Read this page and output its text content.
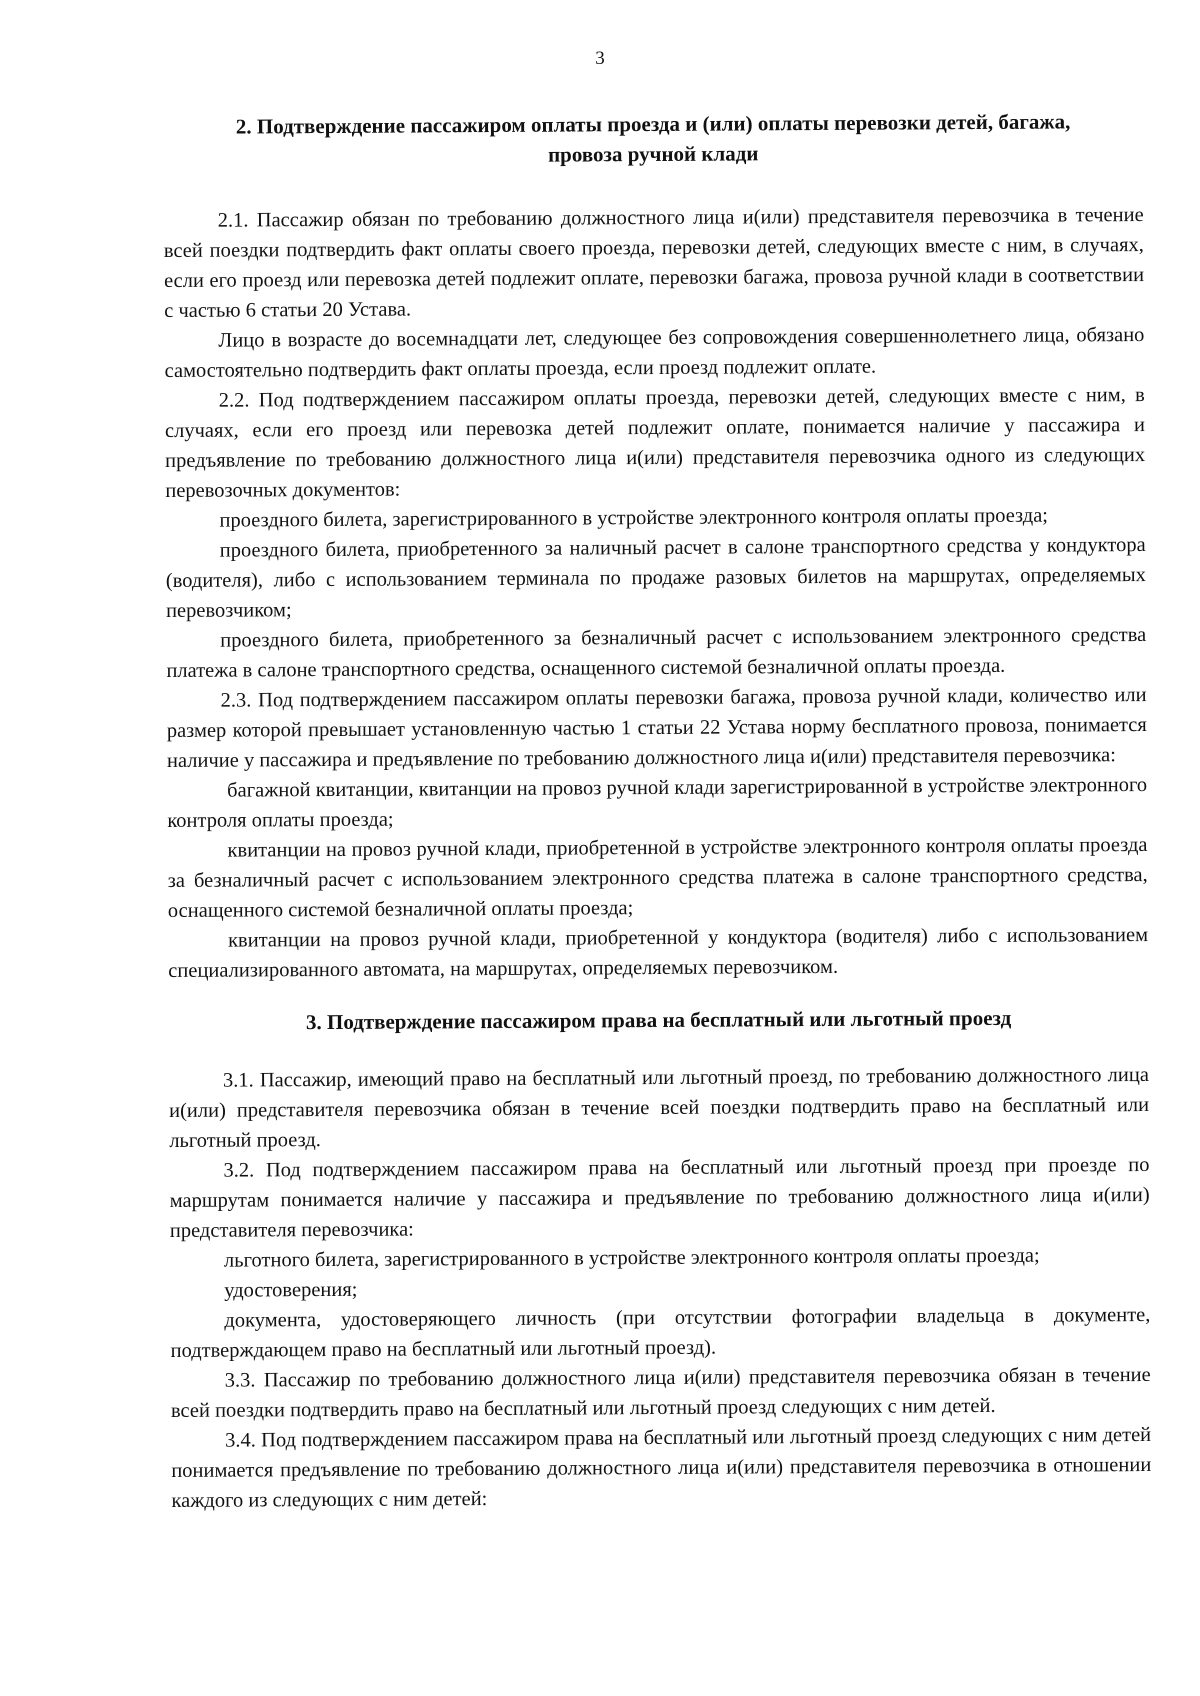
3
2. Подтверждение пассажиром оплаты проезда и (или) оплаты перевозки детей, багажа, провоза ручной клади

2.1. Пассажир обязан по требованию должностного лица и(или) представителя перевозчика в течение всей поездки подтвердить факт оплаты своего проезда, перевозки детей, следующих вместе с ним, в случаях, если его проезд или перевозка детей подлежит оплате, перевозки багажа, провоза ручной клади в соответствии с частью 6 статьи 20 Устава.

Лицо в возрасте до восемнадцати лет, следующее без сопровождения совершеннолетнего лица, обязано самостоятельно подтвердить факт оплаты проезда, если проезд подлежит оплате.

2.2. Под подтверждением пассажиром оплаты проезда, перевозки детей, следующих вместе с ним, в случаях, если его проезд или перевозка детей подлежит оплате, понимается наличие у пассажира и предъявление по требованию должностного лица и(или) представителя перевозчика одного из следующих перевозочных документов:

проездного билета, зарегистрированного в устройстве электронного контроля оплаты проезда;

проездного билета, приобретенного за наличный расчет в салоне транспортного средства у кондуктора (водителя), либо с использованием терминала по продаже разовых билетов на маршрутах, определяемых перевозчиком;

проездного билета, приобретенного за безналичный расчет с использованием электронного средства платежа в салоне транспортного средства, оснащенного системой безналичной оплаты проезда.

2.3. Под подтверждением пассажиром оплаты перевозки багажа, провоза ручной клади, количество или размер которой превышает установленную частью 1 статьи 22 Устава норму бесплатного провоза, понимается наличие у пассажира и предъявление по требованию должностного лица и(или) представителя перевозчика:

багажной квитанции, квитанции на провоз ручной клади зарегистрированной в устройстве электронного контроля оплаты проезда;

квитанции на провоз ручной клади, приобретенной в устройстве электронного контроля оплаты проезда за безналичный расчет с использованием электронного средства платежа в салоне транспортного средства, оснащенного системой безналичной оплаты проезда;

квитанции на провоз ручной клади, приобретенной у кондуктора (водителя) либо с использованием специализированного автомата, на маршрутах, определяемых перевозчиком.

3. Подтверждение пассажиром права на бесплатный или льготный проезд

3.1. Пассажир, имеющий право на бесплатный или льготный проезд, по требованию должностного лица и(или) представителя перевозчика обязан в течение всей поездки подтвердить право на бесплатный или льготный проезд.

3.2. Под подтверждением пассажиром права на бесплатный или льготный проезд при проезде по маршрутам понимается наличие у пассажира и предъявление по требованию должностного лица и(или) представителя перевозчика:

льготного билета, зарегистрированного в устройстве электронного контроля оплаты проезда;

удостоверения;

документа, удостоверяющего личность (при отсутствии фотографии владельца в документе, подтверждающем право на бесплатный или льготный проезд).

3.3. Пассажир по требованию должностного лица и(или) представителя перевозчика обязан в течение всей поездки подтвердить право на бесплатный или льготный проезд следующих с ним детей.

3.4. Под подтверждением пассажиром права на бесплатный или льготный проезд следующих с ним детей понимается предъявление по требованию должностного лица и(или) представителя перевозчика в отношении каждого из следующих с ним детей:
